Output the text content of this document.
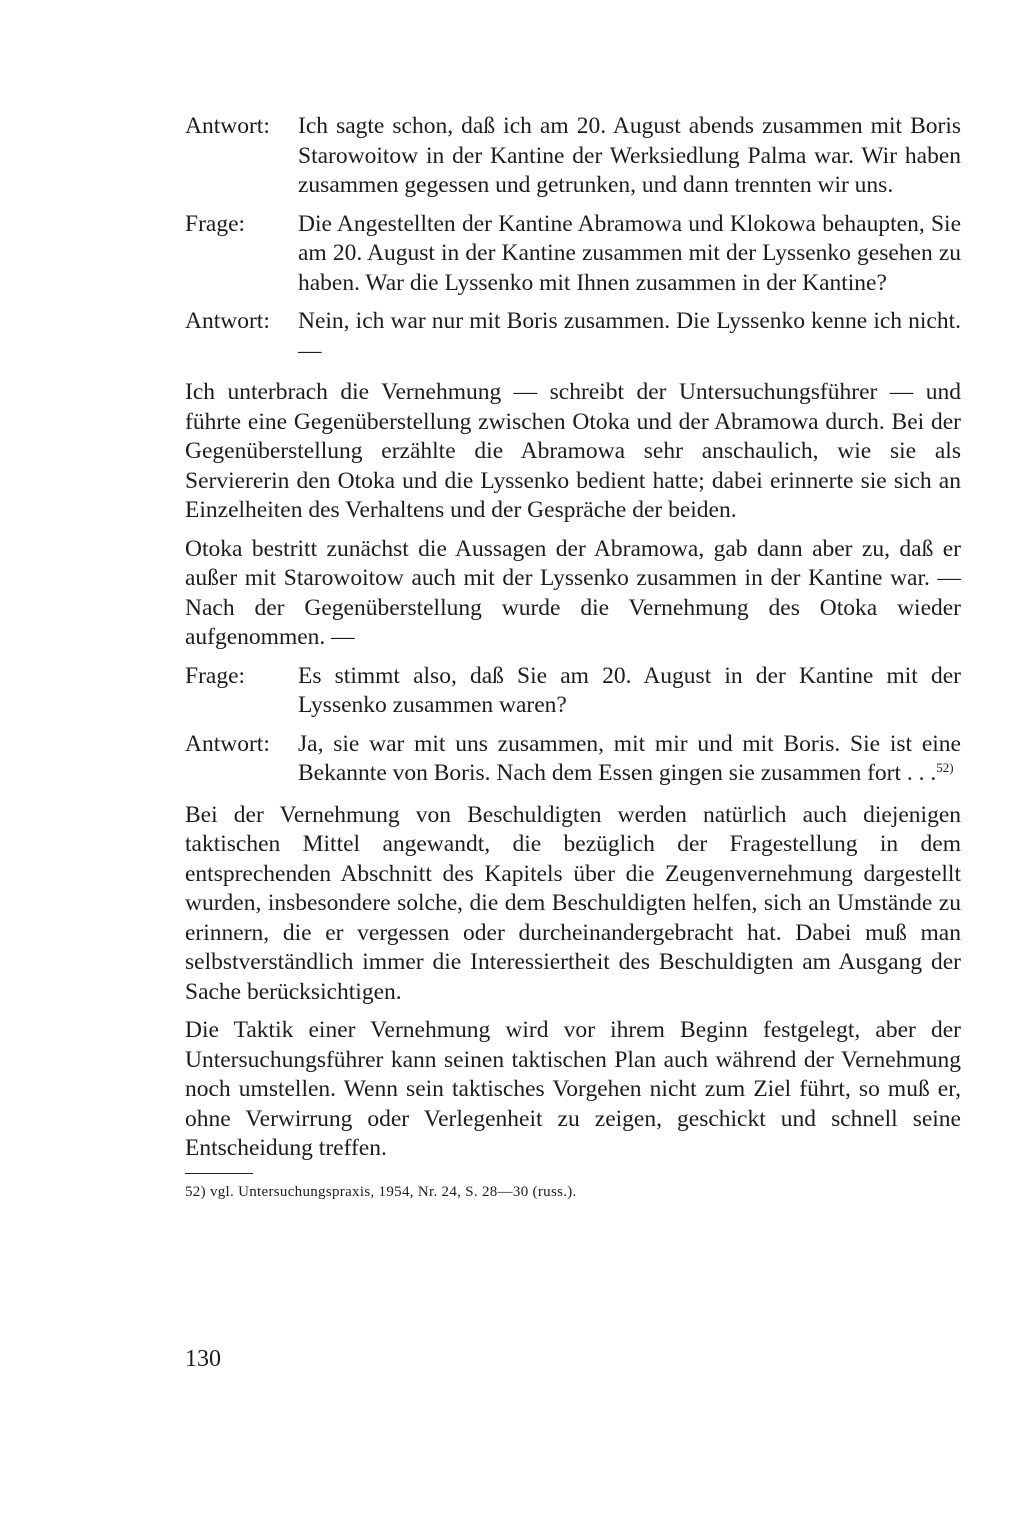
Antwort:	Ich sagte schon, daß ich am 20. August abends zusammen mit Boris Starowoitow in der Kantine der Werksiedlung Palma war. Wir haben zusammen gegessen und getrunken, und dann trennten wir uns.
Frage:	Die Angestellten der Kantine Abramowa und Klokowa behaupten, Sie am 20. August in der Kantine zusammen mit der Lyssenko gesehen zu haben. War die Lyssenko mit Ihnen zusammen in der Kantine?
Antwort:	Nein, ich war nur mit Boris zusammen. Die Lyssenko kenne ich nicht. —

Ich unterbrach die Vernehmung — schreibt der Untersuchungsführer — und führte eine Gegenüberstellung zwischen Otoka und der Abramowa durch. Bei der Gegenüberstellung erzählte die Abramowa sehr anschaulich, wie sie als Serviererin den Otoka und die Lyssenko bedient hatte; dabei erinnerte sie sich an Einzelheiten des Verhaltens und der Gespräche der beiden.

Otoka bestritt zunächst die Aussagen der Abramowa, gab dann aber zu, daß er außer mit Starowoitow auch mit der Lyssenko zusammen in der Kantine war. — Nach der Gegenüberstellung wurde die Vernehmung des Otoka wieder aufgenommen. —

Frage:	Es stimmt also, daß Sie am 20. August in der Kantine mit der Lyssenko zusammen waren?
Antwort:	Ja, sie war mit uns zusammen, mit mir und mit Boris. Sie ist eine Bekannte von Boris. Nach dem Essen gingen sie zusammen fort . . .$^{52)}$

Bei der Vernehmung von Beschuldigten werden natürlich auch diejenigen taktischen Mittel angewandt, die bezüglich der Fragestellung in dem entsprechenden Abschnitt des Kapitels über die Zeugenvernehmung dargestellt wurden, insbesondere solche, die dem Beschuldigten helfen, sich an Umstände zu erinnern, die er vergessen oder durcheinandergebracht hat. Dabei muß man selbstverständlich immer die Interessiertheit des Beschuldigten am Ausgang der Sache berücksichtigen.

Die Taktik einer Vernehmung wird vor ihrem Beginn festgelegt, aber der Untersuchungsführer kann seinen taktischen Plan auch während der Vernehmung noch umstellen. Wenn sein taktisches Vorgehen nicht zum Ziel führt, so muß er, ohne Verwirrung oder Verlegenheit zu zeigen, geschickt und schnell seine Entscheidung treffen.

52) vgl. Untersuchungspraxis, 1954, Nr. 24, S. 28—30 (russ.).
130
